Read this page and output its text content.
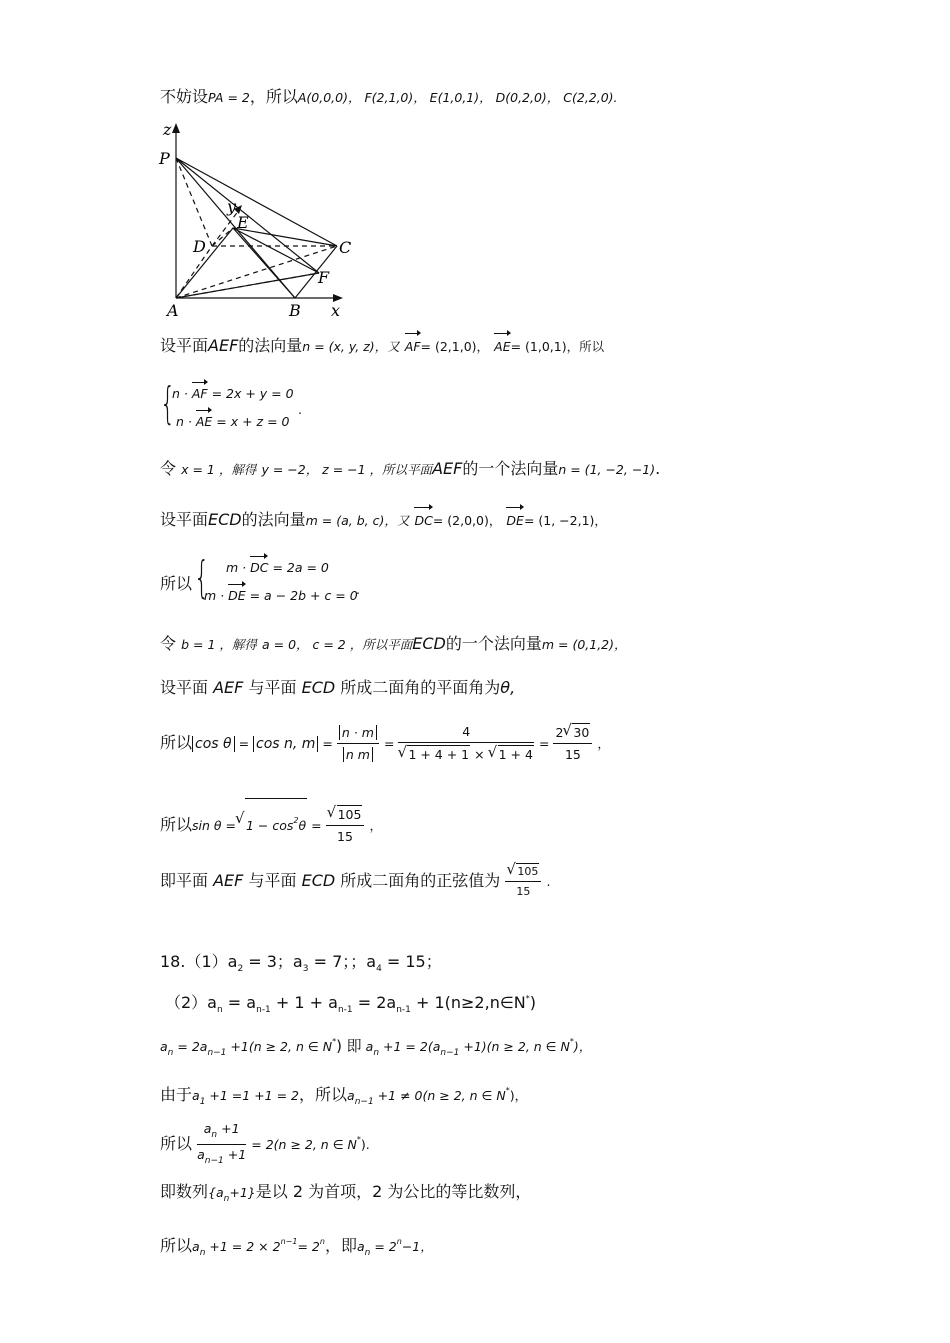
不妨设PA = 2，所以A(0,0,0)， F(2,1,0)， E(1,0,1)， D(0,2,0)， C(2,2,0).
z
P
y
E
D	C
F
A	B x
设平面AEF的法向量n = (x, y, z)，又 AF= (2,1,0)， AE= (1,0,1)，所以
{
n · AF = 2x + y = 0
n · AE = x + z = 0
.
令 x = 1 ，解得 y = −2， z = −1 ，所以平面AEF的一个法向量n = (1, −2, −1).
设平面ECD的法向量m = (a, b, c)，又 DC= (2,0,0)， DE= (1, −2,1)，
所以 { m · DC = 2a = 0
m · DE = a − 2b + c = 0
.
令 b = 1 ，解得 a = 0， c = 2 ，所以平面ECD的一个法向量m = (0,1,2)，
设平面 AEF 与平面 ECD 所成二面角的平面角为θ,
所以 cos θ = cos n, $m = \frac{n \cdot m}{\text{n m}} = 4$
√ 1 + 4 + 1 × √ $1 + 4 = \frac{2 √ 30}{15}$ ，
所以sin θ = √ $1 - \cos^2\theta$ = √ $\frac{105}{15}$ ，
即平面 AEF 与平面 ECD 所成二面角的正弦值为 √ $\frac{105}{15}$ .
$18.(1)a_2 = 3$；$a_3 = 7$；；$a_4 = 15$；
$(2)a_n = a_{n-1} + 1 + a_{n-1} = 2a_{n-1}$ + 1(n≥2,n∈N*)
$a_n = 2a_{n-1} +1(n \ge 2$, n ∈ N*) 即 $a_n +1 = 2(a_{n-1} +1)(n \ge 2$, n ∈ N*)，
由于$a_1 +1 =1 +1 = 2$，所以$a_{n-1} +1 \ne 0(n \ge 2$, n ∈ N*)，
所以 $\frac{a_n +1}{a_{n-1} +1} = 2(n \ge 2$, n ∈ N*).
即数列$\{a_n+1\}$是以 2 为首项，2 为公比的等比数列，
所以$a_n +1 = 2 \times 2^{n-1}= 2^n$，即$a_n = 2^n-1$，
